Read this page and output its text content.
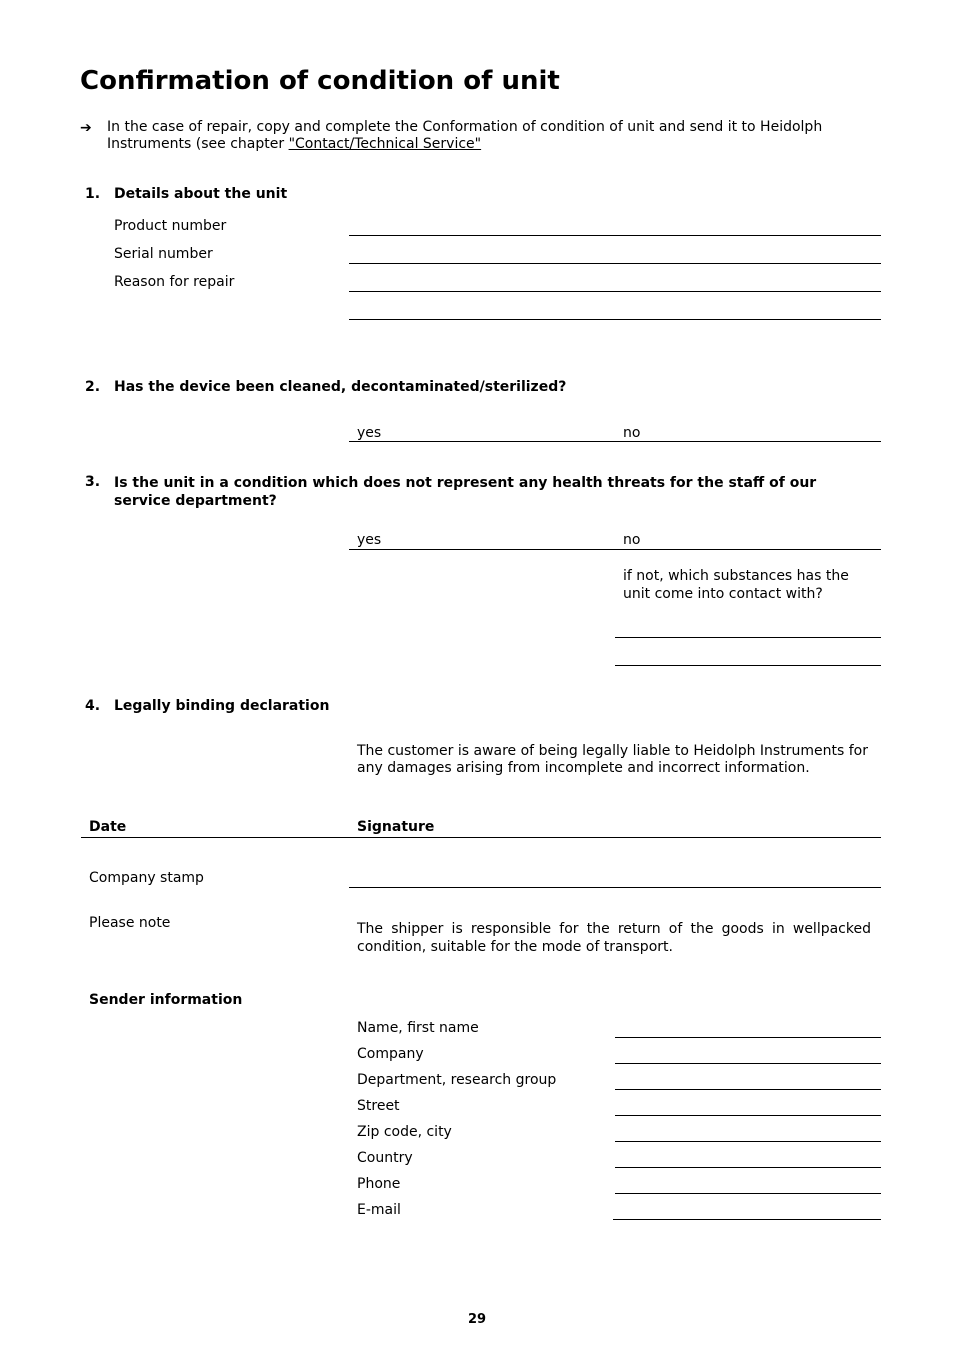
Confirmation of condition of unit
➔ In the case of repair, copy and complete the Conformation of condition of unit and send it to Heidolph Instruments (see chapter "Contact/Technical Service"
1. Details about the unit
Product number
Serial number
Reason for repair
2. Has the device been cleaned, decontaminated/sterilized?
yes	no
3. Is the unit in a condition which does not represent any health threats for the staff of our service department?
yes	no
if not, which substances has the unit come into contact with?
4. Legally binding declaration
The customer is aware of being legally liable to Heidolph Instruments for any damages arising from incomplete and incorrect information.
Date	Signature
Company stamp
Please note	The shipper is responsible for the return of the goods in wellpacked condition, suitable for the mode of transport.
Sender information
Name, first name
Company
Department, research group
Street
Zip code, city
Country
Phone
E-mail
29
